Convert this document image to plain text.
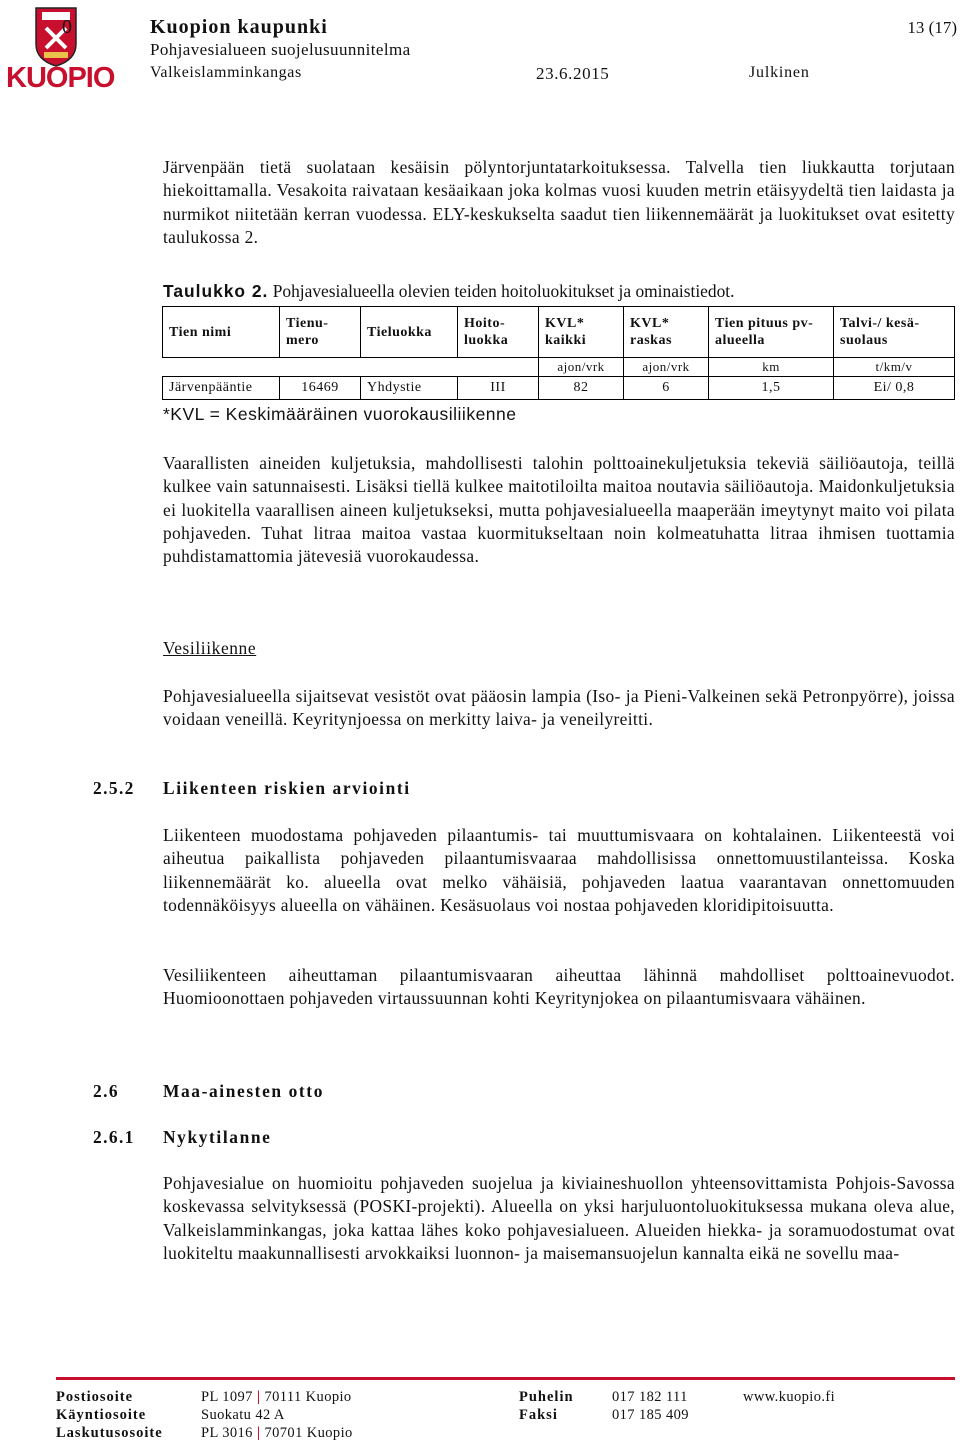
KUOPIO
0	Kuopion kaupunki
Pohjavesialueen suojelusuunnitelma
Valkeislamminkangas	23.6.2015	Julkinen
13 (17)
Järvenpään tietä suolataan kesäisin pölyntorjuntatarkoituksessa. Talvella tien liukkautta torjutaan hiekoittamalla. Vesakoita raivataan kesäaikaan joka kolmas vuosi kuuden metrin etäisyydeltä tien laidasta ja nurmikot niitetään kerran vuodessa. ELY-keskukselta saadut tien liikennemäärät ja luokitukset ovat esitetty taulukossa 2.
Taulukko 2. Pohjavesialueella olevien teiden hoitoluokitukset ja ominaistiedot.
Tien nimi	Tienu-mero	Tieluokka	Hoito-luokka	KVL* kaikki	KVL* raskas	Tien pituus pv-alueella	Talvi-/ kesä-suolaus
				ajon/vrk	ajon/vrk	km	t/km/v
Järvenpääntie	16469	Yhdystie	III	82	6	1,5	Ei/ 0,8
*KVL = Keskimääräinen vuorokausiliikenne
Vaarallisten aineiden kuljetuksia, mahdollisesti talohin polttoainekuljetuksia tekeviä säiliöautoja, teillä kulkee vain satunnaisesti. Lisäksi tiellä kulkee maitotiloilta maitoa noutavia säiliöautoja. Maidonkuljetuksia ei luokitella vaarallisen aineen kuljetukseksi, mutta pohjavesialueella maaperään imeytynyt maito voi pilata pohjaveden. Tuhat litraa maitoa vastaa kuormitukseltaan noin kolmeatuhatta litraa ihmisen tuottamia puhdistamattomia jätevesiä vuorokaudessa.
Vesiliikenne
Pohjavesialueella sijaitsevat vesistöt ovat pääosin lampia (Iso- ja Pieni-Valkeinen sekä Petronpyörre), joissa voidaan veneillä. Keyritynjoessa on merkitty laiva- ja veneilyreitti.
2.5.2 Liikenteen riskien arviointi
Liikenteen muodostama pohjaveden pilaantumis- tai muuttumisvaara on kohtalainen. Liikenteestä voi aiheutua paikallista pohjaveden pilaantumisvaaraa mahdollisissa onnettomuustilanteissa. Koska liikennemäärät ko. alueella ovat melko vähäisiä, pohjaveden laatua vaarantavan onnettomuuden todennäköisyys alueella on vähäinen. Kesäsuolaus voi nostaa pohjaveden kloridipitoisuutta.
Vesiliikenteen aiheuttaman pilaantumisvaaran aiheuttaa lähinnä mahdolliset polttoainevuodot. Huomioonottaen pohjaveden virtaussuunnan kohti Keyritynjokea on pilaantumisvaara vähäinen.
2.6	Maa-ainesten otto
2.6.1 Nykytilanne
Pohjavesialue on huomioitu pohjaveden suojelua ja kiviaineshuollon yhteensovittamista Pohjois-Savossa koskevassa selvityksessä (POSKI-projekti). Alueella on yksi harjuluontoluokituksessa mukana oleva alue, Valkeislamminkangas, joka kattaa lähes koko pohjavesialueen. Alueiden hiekka- ja soramuodostumat ovat luokiteltu maakunnallisesti arvokkaiksi luonnon- ja maisemansuojelun kannalta eikä ne sovellu maa-
Postiosoite	PL 1097 | 70111 Kuopio
Käyntiosoite	Suokatu 42 A
Laskutusosoite	PL 3016 | 70701 Kuopio
Puhelin	017 182 111
Faksi	017 185 409
www.kuopio.fi
